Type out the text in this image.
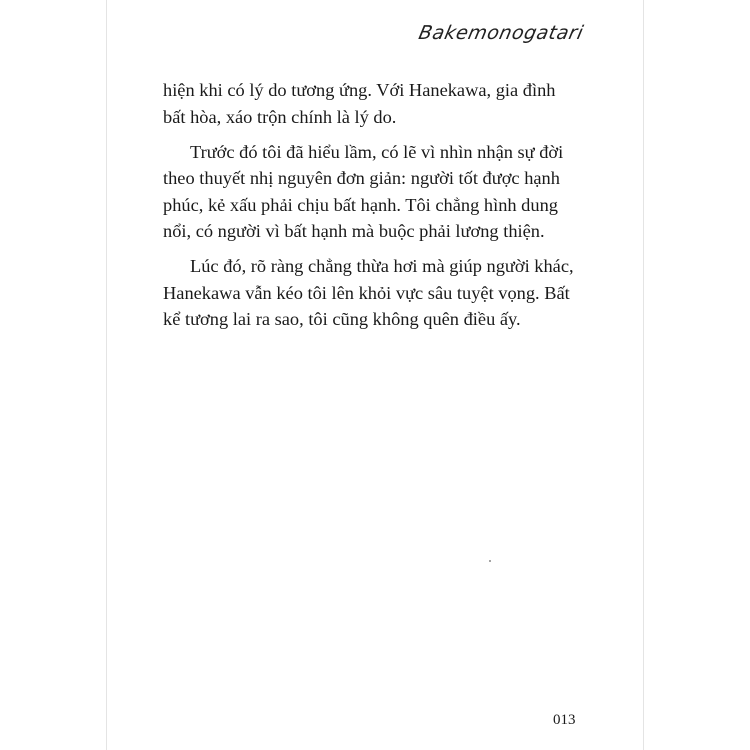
Bakemonogatari

hiện khi có lý do tương ứng. Với Hanekawa, gia đình
bất hòa, xáo trộn chính là lý do.

Trước đó tôi đã hiểu lầm, có lẽ vì nhìn nhận sự đời
theo thuyết nhị nguyên đơn giản: người tốt được hạnh
phúc, kẻ xấu phải chịu bất hạnh. Tôi chẳng hình dung
nổi, có người vì bất hạnh mà buộc phải lương thiện.

Lúc đó, rõ ràng chẳng thừa hơi mà giúp người khác,
Hanekawa vẫn kéo tôi lên khỏi vực sâu tuyệt vọng. Bất
kể tương lai ra sao, tôi cũng không quên điều ấy.

013
